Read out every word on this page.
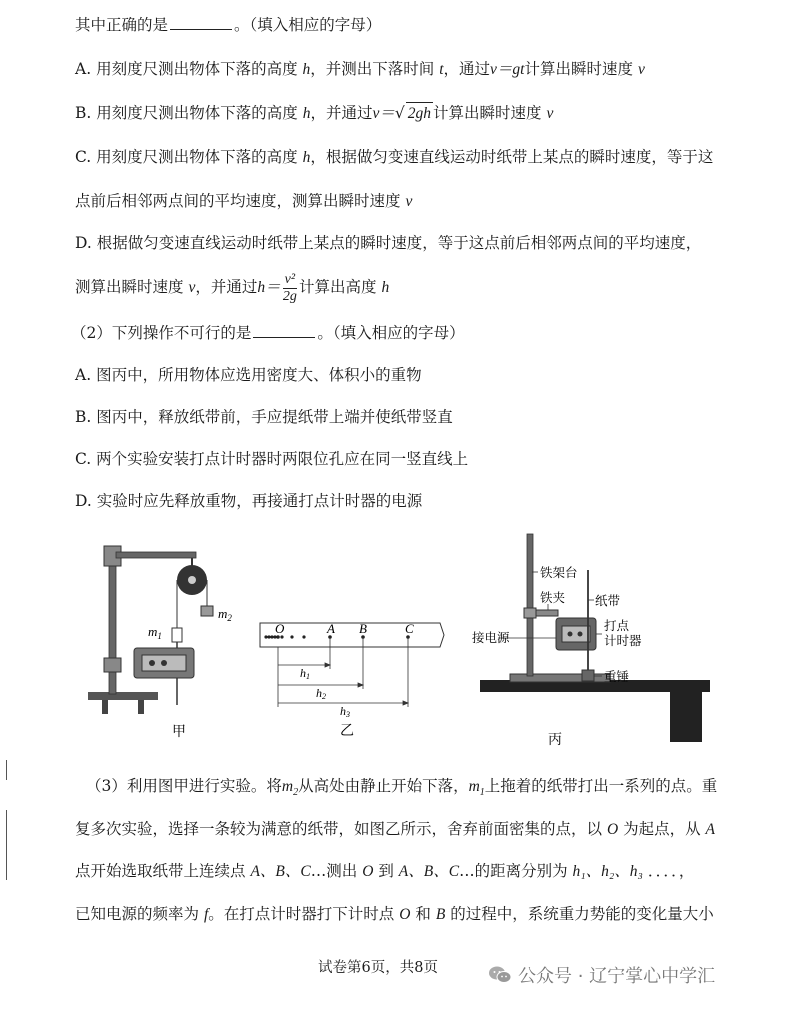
其中正确的是	。（填入相应的字母）
A. 用刻度尺测出物体下落的高度 h，并测出下落时间 t，通过v＝gt计算出瞬时速度 v
B. 用刻度尺测出物体下落的高度 h，并通过v＝√ 2gh 计算出瞬时速度 v
C. 用刻度尺测出物体下落的高度 h，根据做匀变速直线运动时纸带上某点的瞬时速度，等于这
点前后相邻两点间的平均速度，测算出瞬时速度 v
D. 根据做匀变速直线运动时纸带上某点的瞬时速度，等于这点前后相邻两点间的平均速度，
测算出瞬时速度 v，并通过$h= \frac{\text{v²}}{2g}$ 计算出高度 h
（2）下列操作不可行的是	。（填入相应的字母）
A. 图丙中，所用物体应选用密度大、体积小的重物
B. 图丙中，释放纸带前，手应提纸带上端并使纸带竖直
C. 两个实验安装打点计时器时两限位孔应在同一竖直线上
D. 实验时应先释放重物，再接通打点计时器的电源
$m_2$
$m_1$
甲
O	A B	C
h1
h2
h3
乙
铁架台
铁夹 纸带
接电源
打点
计时器
重锤
丙
（3）利用图甲进行实验。将$m_2$从高处由静止开始下落，$m_1$上拖着的纸带打出一系列的点。重
复多次实验，选择一条较为满意的纸带，如图乙所示，舍弃前面密集的点，以 O 为起点，从 A
点开始选取纸带上连续点 A、B、C…测出 O 到 A、B、C…的距离分别为 h₁、h₂、h₃ ．．．．，
已知电源的频率为 f。在打点计时器打下计时点 O 和 B 的过程中，系统重力势能的变化量大小
试卷第6页，共8页	公众号 · 辽宁掌心中学汇
